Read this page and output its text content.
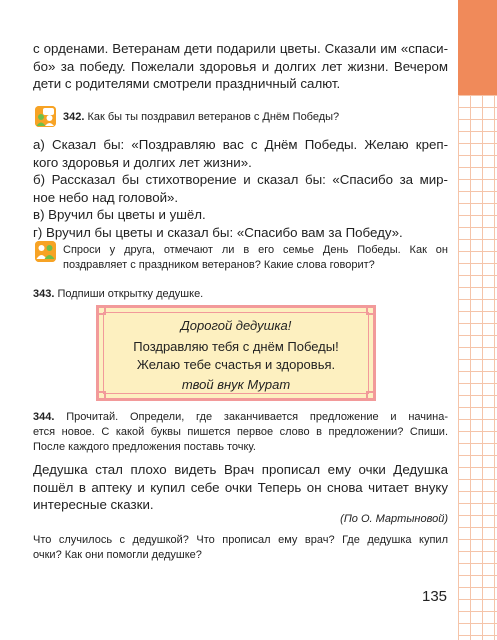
с орденами. Ветеранам дети подарили цветы. Сказали им «спаси-
бо» за победу. Пожелали здоровья и долгих лет жизни. Вечером
дети с родителями смотрели праздничный салют.
342. Как бы ты поздравил ветеранов с Днём Победы?
а) Сказал бы: «Поздравляю вас с Днём Победы. Желаю креп-
кого здоровья и долгих лет жизни».
б) Рассказал бы стихотворение и сказал бы: «Спасибо за мир-
ное небо над головой».
в) Вручил бы цветы и ушёл.
г) Вручил бы цветы и сказал бы: «Спасибо вам за Победу».
Спроси у друга, отмечают ли в его семье День Победы. Как он
поздравляет с праздником ветеранов? Какие слова говорит?
343. Подпиши открытку дедушке.
Дорогой дедушка!
Поздравляю тебя с днём Победы!
Желаю тебе счастья и здоровья.
твой внук Мурат
344. Прочитай. Определи, где заканчивается предложение и начина-
ется новое. С какой буквы пишется первое слово в предложении? Спиши.
После каждого предложения поставь точку.
Дедушка стал плохо видеть Врач прописал ему очки Дедушка
пошёл в аптеку и купил себе очки Теперь он снова читает внуку
интересные сказки.
(По О. Мартыновой)
Что случилось с дедушкой? Что прописал ему врач? Где дедушка купил
очки? Как они помогли дедушке?
135
